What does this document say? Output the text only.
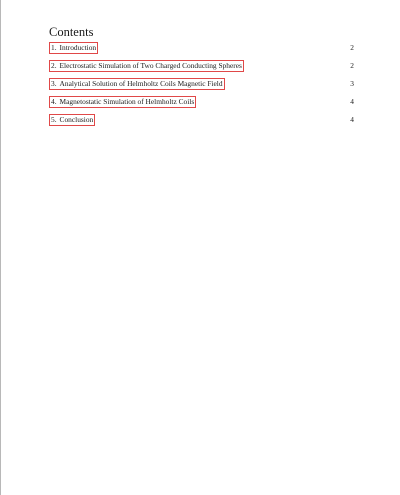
Contents
1. Introduction	2
2. Electrostatic Simulation of Two Charged Conducting Spheres	2
3. Analytical Solution of Helmholtz Coils Magnetic Field	3
4. Magnetostatic Simulation of Helmholtz Coils	4
5. Conclusion	4
